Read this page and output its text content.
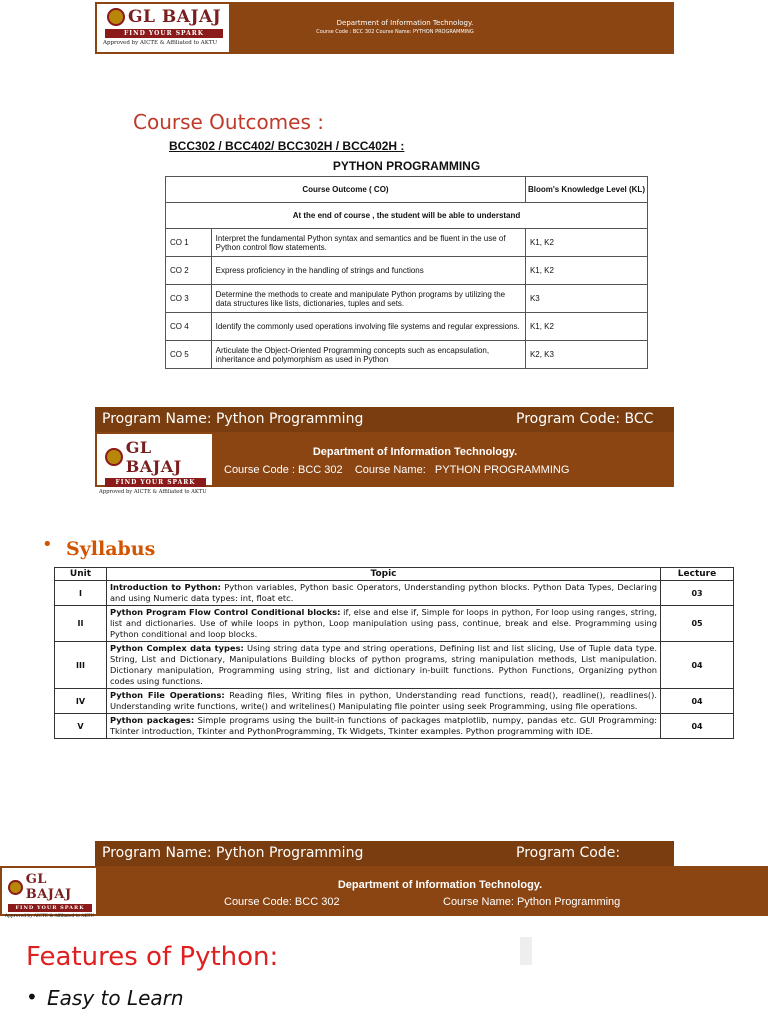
GL BAJAJ
FIND YOUR SPARK
Approved by AICTE & Affiliated to AKTU
Department of Information Technology.
Course Code : BCC 302 Course Name: PYTHON PROGRAMMING
Course Outcomes :
BCC302 / BCC402/ BCC302H / BCC402H :
PYTHON PROGRAMMING
Course Outcome ( CO)		Bloom's Knowledge Level (KL)
At the end of course , the student will be able to understand		
CO 1	Interpret the fundamental Python syntax and semantics and be fluent in the use of Python control flow statements.	K1, K2
CO 2	Express proficiency in the handling of strings and functions	K1, K2
CO 3	Determine the methods to create and manipulate Python programs by utilizing the data structures like lists, dictionaries, tuples and sets.	K3
CO 4	Identify the commonly used operations involving file systems and regular expressions.	K1, K2
CO 5	Articulate the Object-Oriented Programming concepts such as encapsulation, inheritance and polymorphism as used in Python	K2, K3
Program Name: Python Programming	Program Code: BCC
GL BAJAJ
FIND YOUR SPARK
Approved by AICTE & Affiliated to AKTU
Department of Information Technology.
Course Code : BCC 302    Course Name:   PYTHON PROGRAMMING
• Syllabus
Unit	Topic	Lecture
I	Introduction to Python: Python variables, Python basic Operators, Understanding python blocks. Python Data Types, Declaring and using Numeric data types: int, float etc.	03
II	Python Program Flow Control Conditional blocks: if, else and else if, Simple for loops in python, For loop using ranges, string, list and dictionaries. Use of while loops in python, Loop manipulation using pass, continue, break and else. Programming using Python conditional and loop blocks.	05
III	Python Complex data types: Using string data type and string operations, Defining list and list slicing, Use of Tuple data type. String, List and Dictionary, Manipulations Building blocks of python programs, string manipulation methods, List manipulation. Dictionary manipulation, Programming using string, list and dictionary in-built functions. Python Functions, Organizing python codes using functions.	04
IV	Python File Operations: Reading files, Writing files in python, Understanding read functions, read(), readline(), readlines(). Understanding write functions, write() and writelines() Manipulating file pointer using seek Programming, using file operations.	04
V	Python packages: Simple programs using the built-in functions of packages matplotlib, numpy, pandas etc. GUI Programming: Tkinter introduction, Tkinter and PythonProgramming, Tk Widgets, Tkinter examples. Python programming with IDE.	04
Program Name: Python Programming	Program Code:
GL BAJAJ
FIND YOUR SPARK
Approved by AICTE & Affiliated to AKTU
Department of Information Technology.
Course Code: BCC 302	Course Name: Python Programming
Features of Python:
• Easy to Learn
